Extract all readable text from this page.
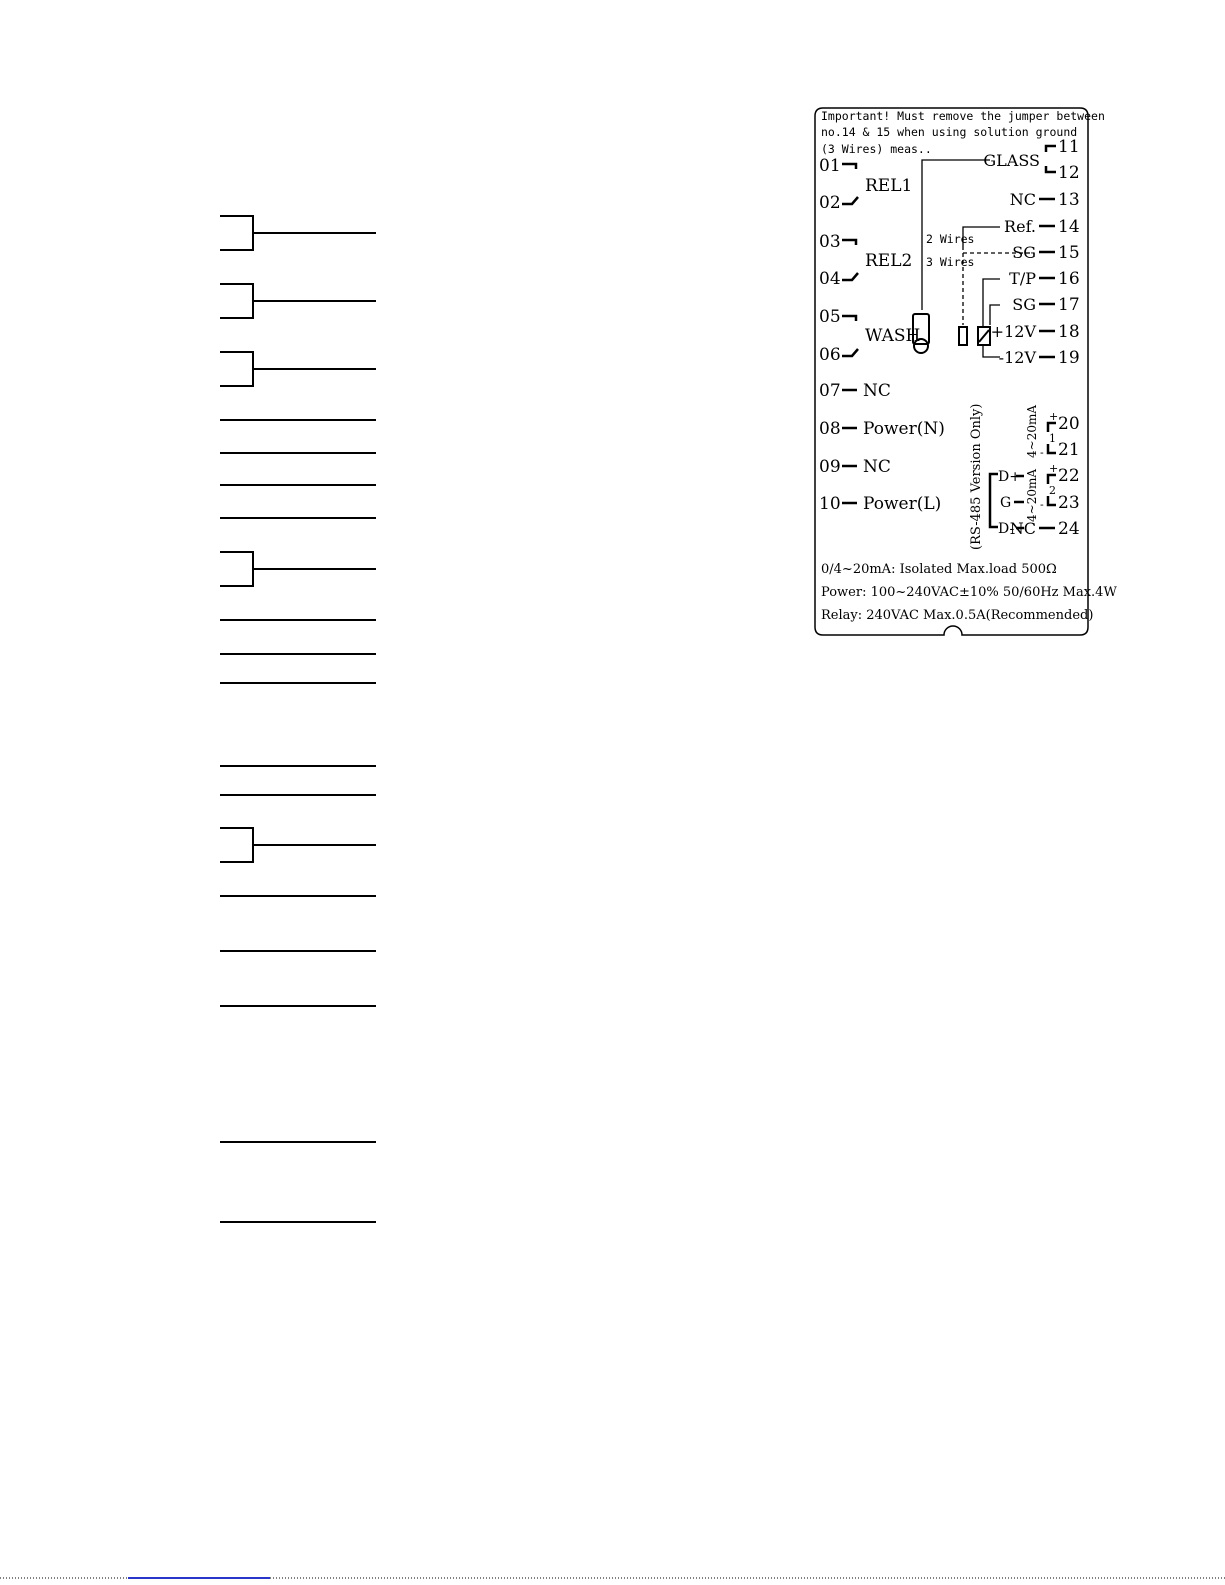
Important! Must remove the jumper between
no.14 & 15 when using solution ground
(3 Wires) meas..
01
02
03
04
05
06
07
08
09
10
REL1
REL2
WASH
NC
Power(N)
NC
Power(L)
11
12
13
14
15
16
17
18
19
20
21
22
23
24
GLASS
NC
Ref.
SG
T/P
SG
+12V
-12V
NC
2 Wires
3 Wires
(RS-485 Version Only)	4~20mA
4~20mA
D+
G
D-
+
1
-
+
2
-
0/4~20mA: Isolated Max.load 500Ω
Power: 100~240VAC±10% 50/60Hz Max.4W
Relay: 240VAC Max.0.5A(Recommended)
